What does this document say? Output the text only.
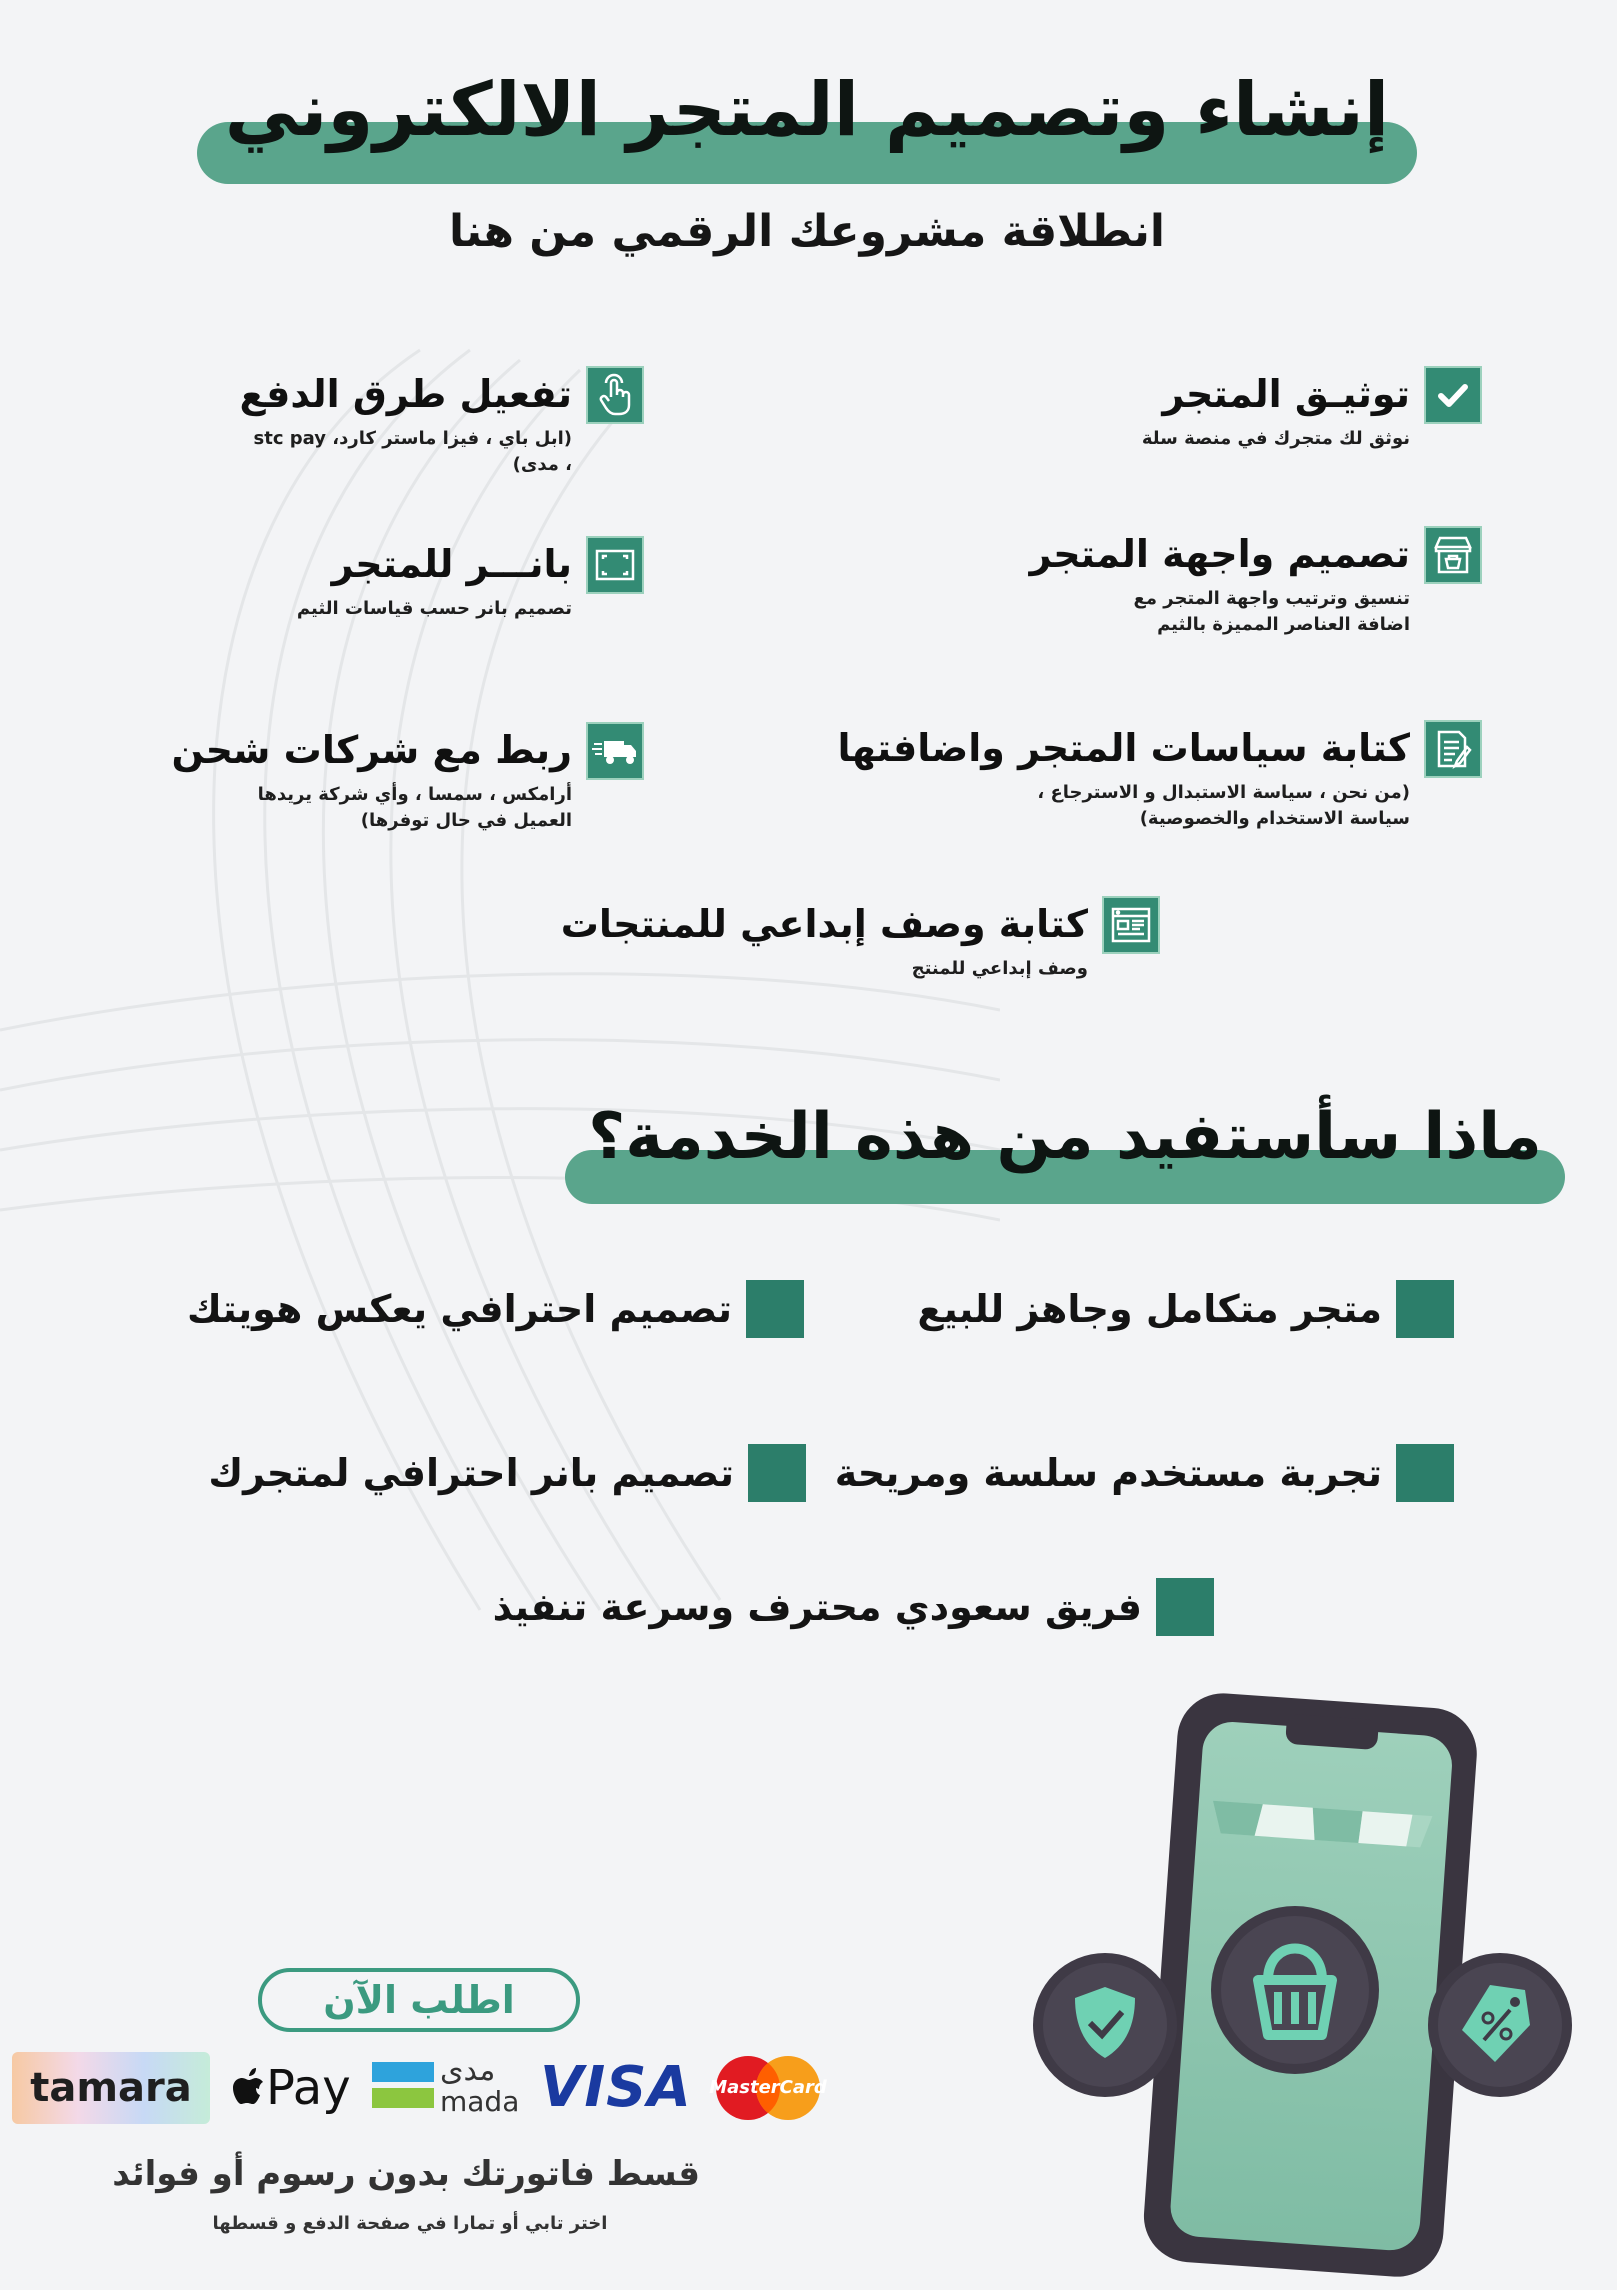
إنشاء وتصميم المتجر الالكتروني
انطلاقة مشروعك الرقمي من هنا
توثيـق المتجر
نوثق لك متجرك في منصة سلة
تصميم واجهة المتجر
تنسيق وترتيب واجهة المتجر مع اضافة العناصر المميزة بالثيم
كتابة سياسات المتجر واضافتها
(من نحن ، سياسة الاستبدال و الاسترجاع ، سياسة الاستخدام والخصوصية)
تفعيل طرق الدفع
(ابل باي ، فيزا ماستر كارد، stc pay ، مدى)
بانـــر للمتجر
تصميم بانر حسب قياسات الثيم
ربط مع شركات شحن
أرامكس ، سمسا ، وأي شركة يريدها العميل في حال توفرها)
كتابة وصف إبداعي للمنتجات
وصف إبداعي للمنتج
ماذا سأستفيد من هذه الخدمة؟
متجر متكامل وجاهز للبيع
تصميم احترافي يعكس هويتك
تجربة مستخدم سلسة ومريحة
تصميم بانر احترافي لمتجرك
فريق سعودي محترف وسرعة تنفيذ
اطلب الآن
tamara	Pay	مدى
mada VISA MasterCard
قسط فاتورتك بدون رسوم أو فوائد
اختر تابي أو تمارا في صفحة الدفع و قسطها
